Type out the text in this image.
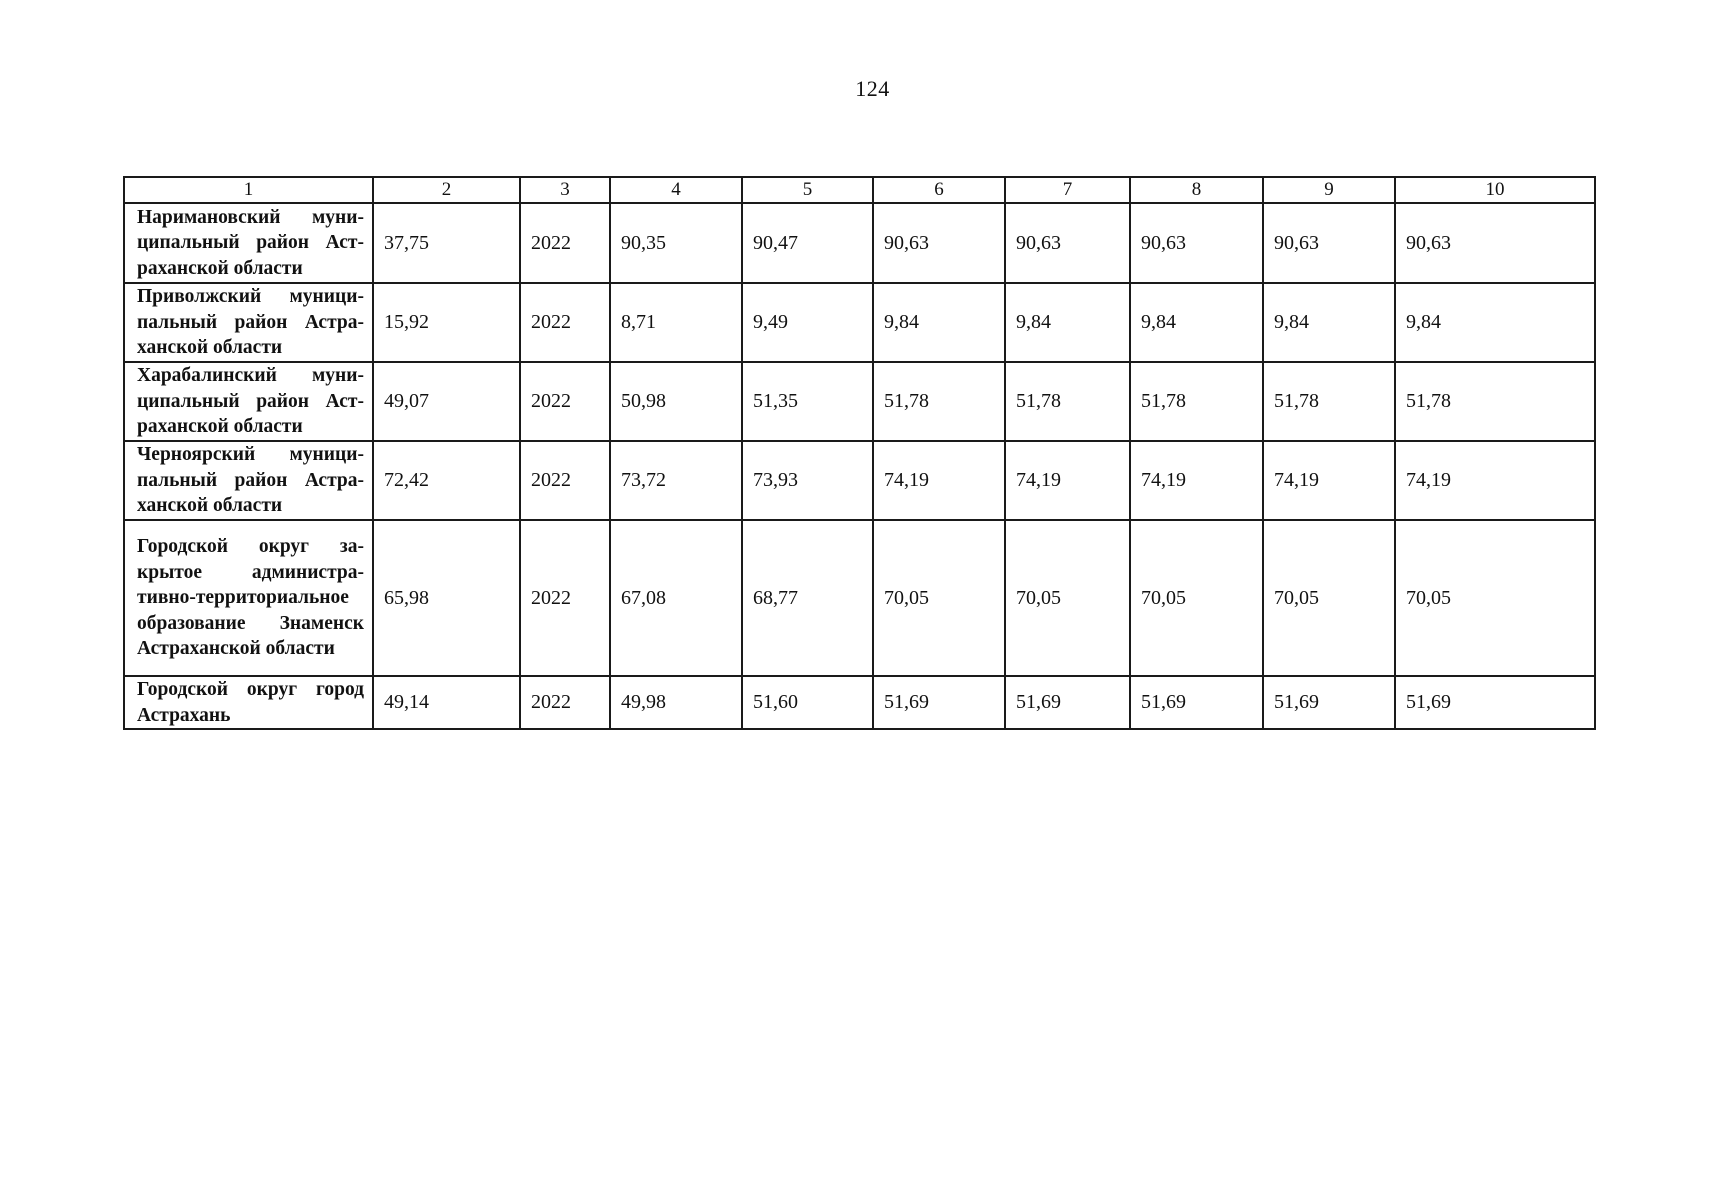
124
1	2	3	4	5	6	7	8	9	10
Наримановский муниципальный район Астраханской области	37,75	2022	90,35	90,47	90,63	90,63	90,63	90,63	90,63
Приволжский муниципальный район Астраханской области	15,92	2022	8,71	9,49	9,84	9,84	9,84	9,84	9,84
Харабалинский муниципальный район Астраханской области	49,07	2022	50,98	51,35	51,78	51,78	51,78	51,78	51,78
Черноярский муниципальный район Астраханской области	72,42	2022	73,72	73,93	74,19	74,19	74,19	74,19	74,19
Городской округ закрытое административно-территориальное образование Знаменск Астраханской области	65,98	2022	67,08	68,77	70,05	70,05	70,05	70,05	70,05
Городской округ город Астрахань	49,14	2022	49,98	51,60	51,69	51,69	51,69	51,69	51,69
